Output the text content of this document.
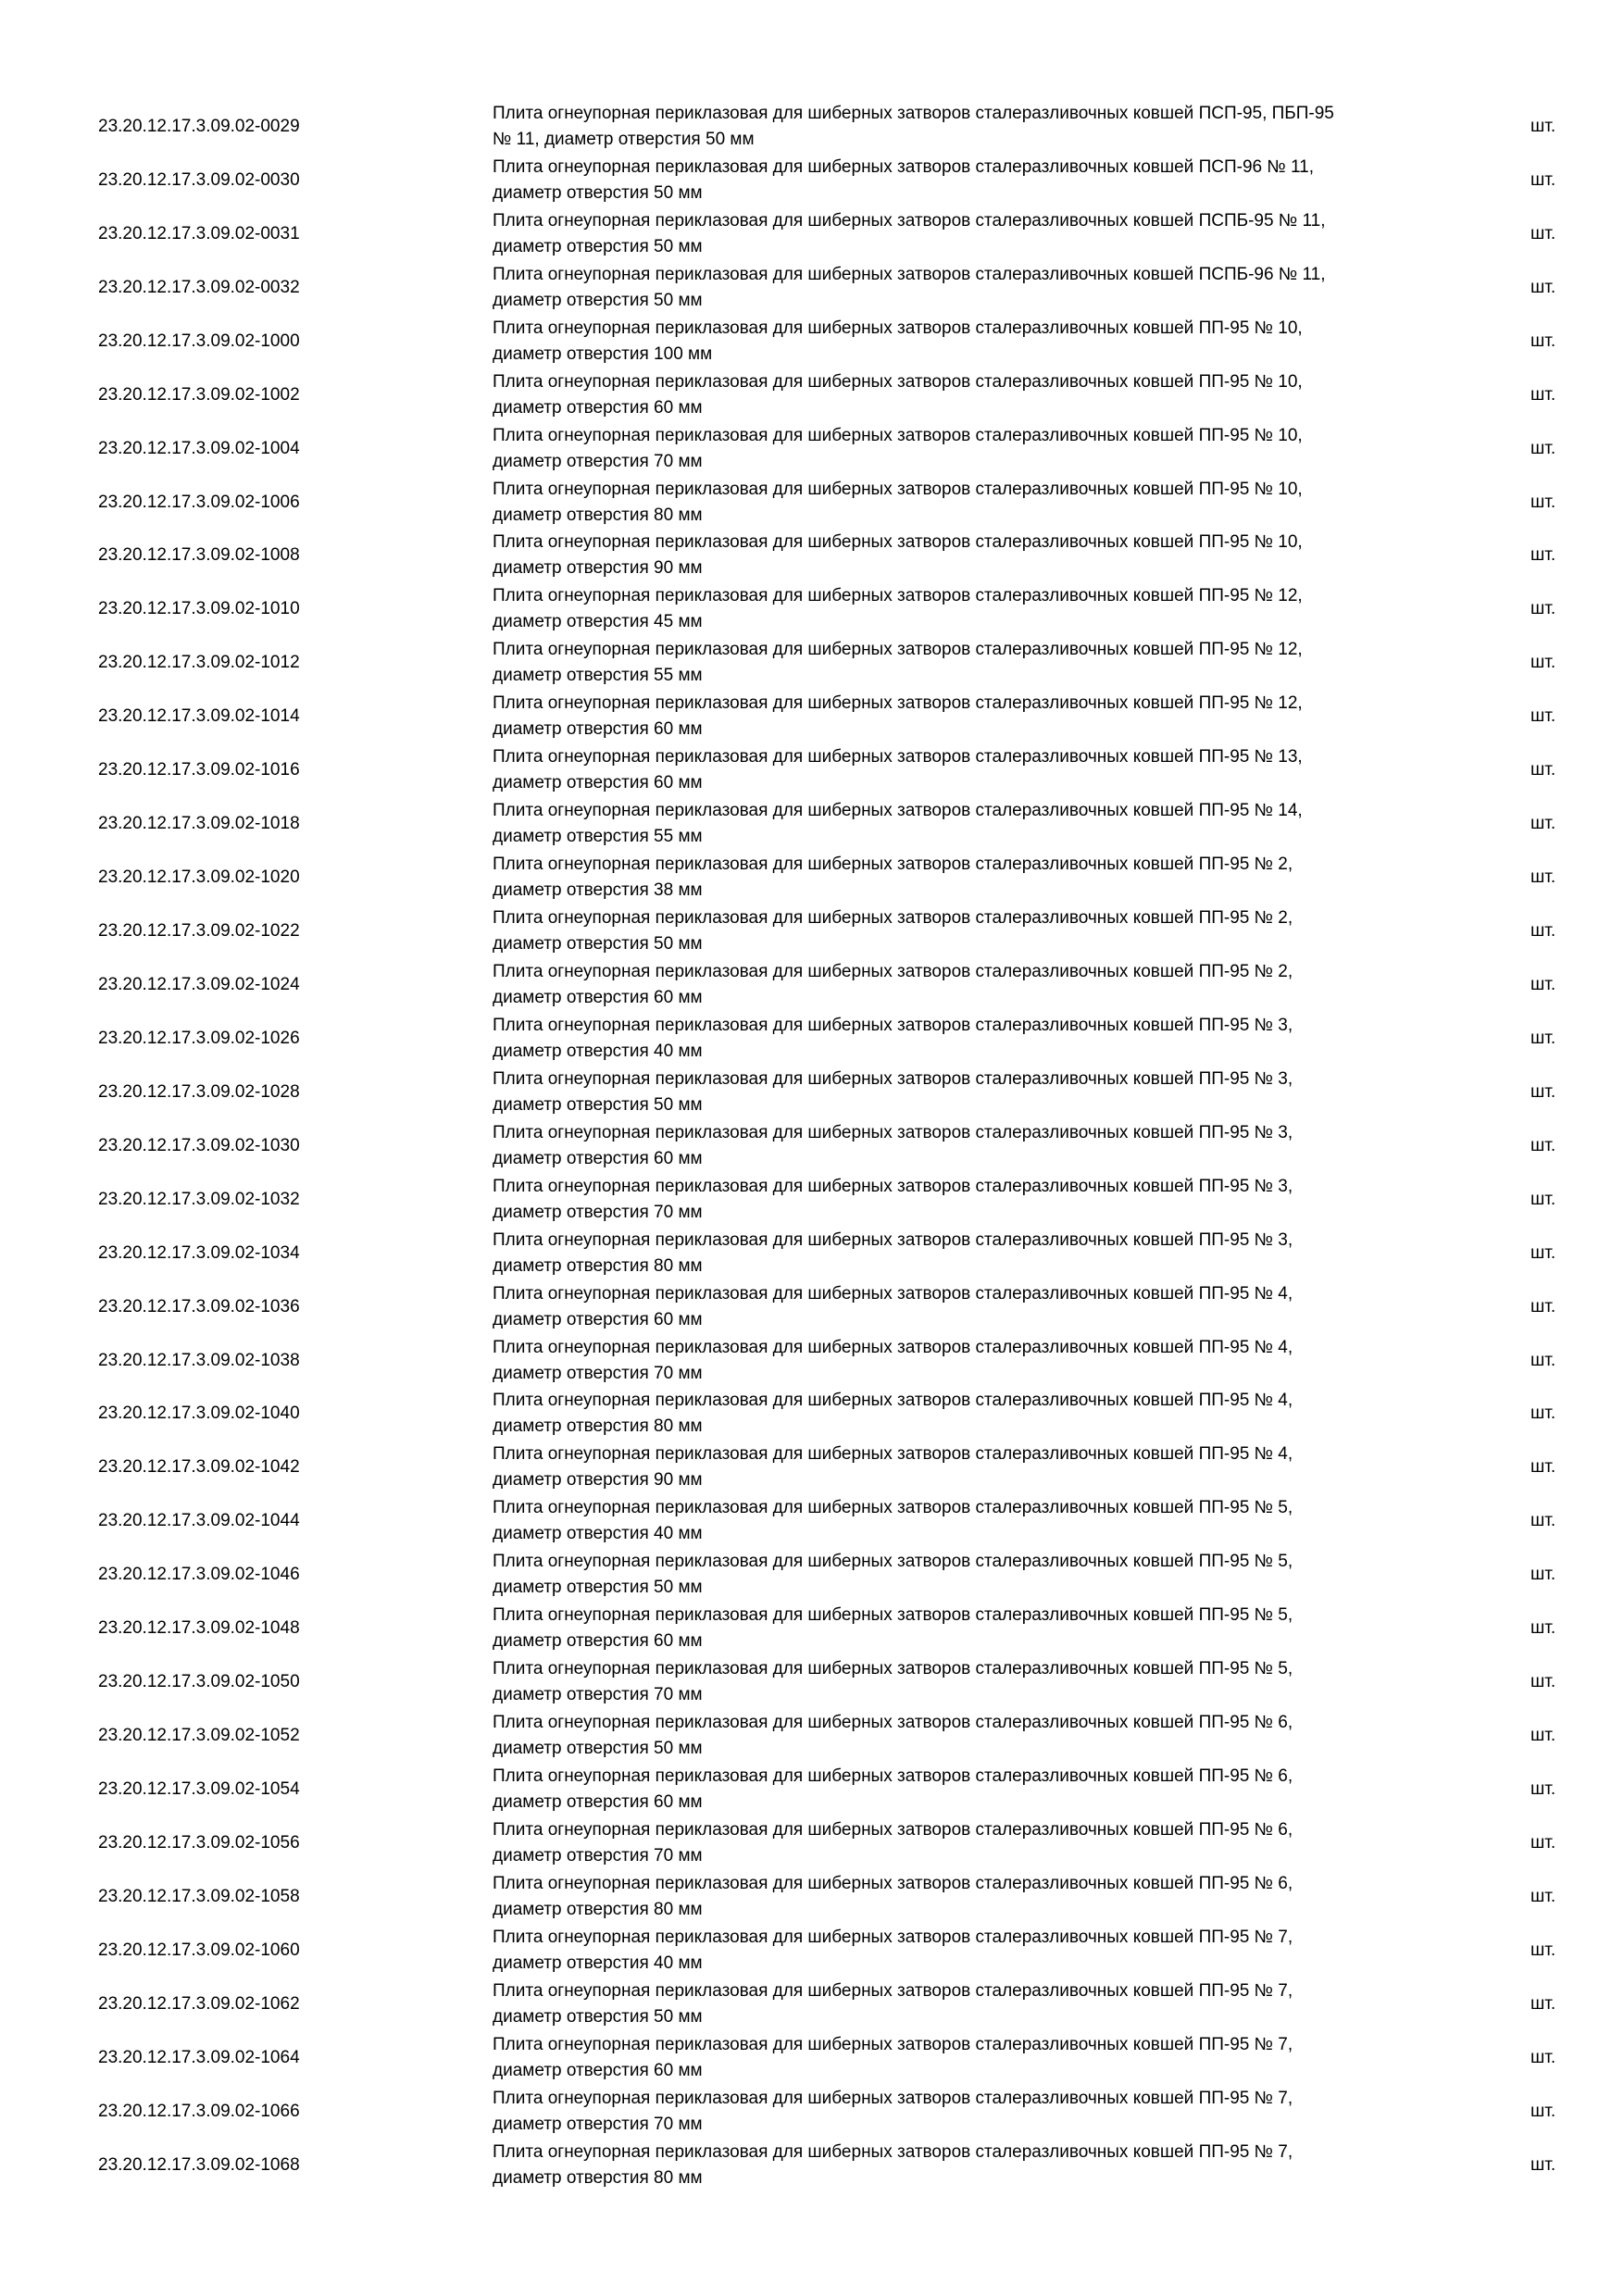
23.20.12.17.3.09.02-0029
Плита огнеупорная периклазовая для шиберных затворов сталеразливочных ковшей ПСП-95, ПБП-95
№ 11, диаметр отверстия 50 мм
шт.
23.20.12.17.3.09.02-0030
Плита огнеупорная периклазовая для шиберных затворов сталеразливочных ковшей ПСП-96 № 11,
диаметр отверстия 50 мм
шт.
23.20.12.17.3.09.02-0031
Плита огнеупорная периклазовая для шиберных затворов сталеразливочных ковшей ПСПБ-95 № 11,
диаметр отверстия 50 мм
шт.
23.20.12.17.3.09.02-0032
Плита огнеупорная периклазовая для шиберных затворов сталеразливочных ковшей ПСПБ-96 № 11,
диаметр отверстия 50 мм
шт.
23.20.12.17.3.09.02-1000
Плита огнеупорная периклазовая для шиберных затворов сталеразливочных ковшей ПП-95 № 10,
диаметр отверстия 100 мм
шт.
23.20.12.17.3.09.02-1002
Плита огнеупорная периклазовая для шиберных затворов сталеразливочных ковшей ПП-95 № 10,
диаметр отверстия 60 мм
шт.
23.20.12.17.3.09.02-1004
Плита огнеупорная периклазовая для шиберных затворов сталеразливочных ковшей ПП-95 № 10,
диаметр отверстия 70 мм
шт.
23.20.12.17.3.09.02-1006
Плита огнеупорная периклазовая для шиберных затворов сталеразливочных ковшей ПП-95 № 10,
диаметр отверстия 80 мм
шт.
23.20.12.17.3.09.02-1008
Плита огнеупорная периклазовая для шиберных затворов сталеразливочных ковшей ПП-95 № 10,
диаметр отверстия 90 мм
шт.
23.20.12.17.3.09.02-1010
Плита огнеупорная периклазовая для шиберных затворов сталеразливочных ковшей ПП-95 № 12,
диаметр отверстия 45 мм
шт.
23.20.12.17.3.09.02-1012
Плита огнеупорная периклазовая для шиберных затворов сталеразливочных ковшей ПП-95 № 12,
диаметр отверстия 55 мм
шт.
23.20.12.17.3.09.02-1014
Плита огнеупорная периклазовая для шиберных затворов сталеразливочных ковшей ПП-95 № 12,
диаметр отверстия 60 мм
шт.
23.20.12.17.3.09.02-1016
Плита огнеупорная периклазовая для шиберных затворов сталеразливочных ковшей ПП-95 № 13,
диаметр отверстия 60 мм
шт.
23.20.12.17.3.09.02-1018
Плита огнеупорная периклазовая для шиберных затворов сталеразливочных ковшей ПП-95 № 14,
диаметр отверстия 55 мм
шт.
23.20.12.17.3.09.02-1020
Плита огнеупорная периклазовая для шиберных затворов сталеразливочных ковшей ПП-95 № 2,
диаметр отверстия 38 мм
шт.
23.20.12.17.3.09.02-1022
Плита огнеупорная периклазовая для шиберных затворов сталеразливочных ковшей ПП-95 № 2,
диаметр отверстия 50 мм
шт.
23.20.12.17.3.09.02-1024
Плита огнеупорная периклазовая для шиберных затворов сталеразливочных ковшей ПП-95 № 2,
диаметр отверстия 60 мм
шт.
23.20.12.17.3.09.02-1026
Плита огнеупорная периклазовая для шиберных затворов сталеразливочных ковшей ПП-95 № 3,
диаметр отверстия 40 мм
шт.
23.20.12.17.3.09.02-1028
Плита огнеупорная периклазовая для шиберных затворов сталеразливочных ковшей ПП-95 № 3,
диаметр отверстия 50 мм
шт.
23.20.12.17.3.09.02-1030
Плита огнеупорная периклазовая для шиберных затворов сталеразливочных ковшей ПП-95 № 3,
диаметр отверстия 60 мм
шт.
23.20.12.17.3.09.02-1032
Плита огнеупорная периклазовая для шиберных затворов сталеразливочных ковшей ПП-95 № 3,
диаметр отверстия 70 мм
шт.
23.20.12.17.3.09.02-1034
Плита огнеупорная периклазовая для шиберных затворов сталеразливочных ковшей ПП-95 № 3,
диаметр отверстия 80 мм
шт.
23.20.12.17.3.09.02-1036
Плита огнеупорная периклазовая для шиберных затворов сталеразливочных ковшей ПП-95 № 4,
диаметр отверстия 60 мм
шт.
23.20.12.17.3.09.02-1038
Плита огнеупорная периклазовая для шиберных затворов сталеразливочных ковшей ПП-95 № 4,
диаметр отверстия 70 мм
шт.
23.20.12.17.3.09.02-1040
Плита огнеупорная периклазовая для шиберных затворов сталеразливочных ковшей ПП-95 № 4,
диаметр отверстия 80 мм
шт.
23.20.12.17.3.09.02-1042
Плита огнеупорная периклазовая для шиберных затворов сталеразливочных ковшей ПП-95 № 4,
диаметр отверстия 90 мм
шт.
23.20.12.17.3.09.02-1044
Плита огнеупорная периклазовая для шиберных затворов сталеразливочных ковшей ПП-95 № 5,
диаметр отверстия 40 мм
шт.
23.20.12.17.3.09.02-1046
Плита огнеупорная периклазовая для шиберных затворов сталеразливочных ковшей ПП-95 № 5,
диаметр отверстия 50 мм
шт.
23.20.12.17.3.09.02-1048
Плита огнеупорная периклазовая для шиберных затворов сталеразливочных ковшей ПП-95 № 5,
диаметр отверстия 60 мм
шт.
23.20.12.17.3.09.02-1050
Плита огнеупорная периклазовая для шиберных затворов сталеразливочных ковшей ПП-95 № 5,
диаметр отверстия 70 мм
шт.
23.20.12.17.3.09.02-1052
Плита огнеупорная периклазовая для шиберных затворов сталеразливочных ковшей ПП-95 № 6,
диаметр отверстия 50 мм
шт.
23.20.12.17.3.09.02-1054
Плита огнеупорная периклазовая для шиберных затворов сталеразливочных ковшей ПП-95 № 6,
диаметр отверстия 60 мм
шт.
23.20.12.17.3.09.02-1056
Плита огнеупорная периклазовая для шиберных затворов сталеразливочных ковшей ПП-95 № 6,
диаметр отверстия 70 мм
шт.
23.20.12.17.3.09.02-1058
Плита огнеупорная периклазовая для шиберных затворов сталеразливочных ковшей ПП-95 № 6,
диаметр отверстия 80 мм
шт.
23.20.12.17.3.09.02-1060
Плита огнеупорная периклазовая для шиберных затворов сталеразливочных ковшей ПП-95 № 7,
диаметр отверстия 40 мм
шт.
23.20.12.17.3.09.02-1062
Плита огнеупорная периклазовая для шиберных затворов сталеразливочных ковшей ПП-95 № 7,
диаметр отверстия 50 мм
шт.
23.20.12.17.3.09.02-1064
Плита огнеупорная периклазовая для шиберных затворов сталеразливочных ковшей ПП-95 № 7,
диаметр отверстия 60 мм
шт.
23.20.12.17.3.09.02-1066
Плита огнеупорная периклазовая для шиберных затворов сталеразливочных ковшей ПП-95 № 7,
диаметр отверстия 70 мм
шт.
23.20.12.17.3.09.02-1068
Плита огнеупорная периклазовая для шиберных затворов сталеразливочных ковшей ПП-95 № 7,
диаметр отверстия 80 мм
шт.
